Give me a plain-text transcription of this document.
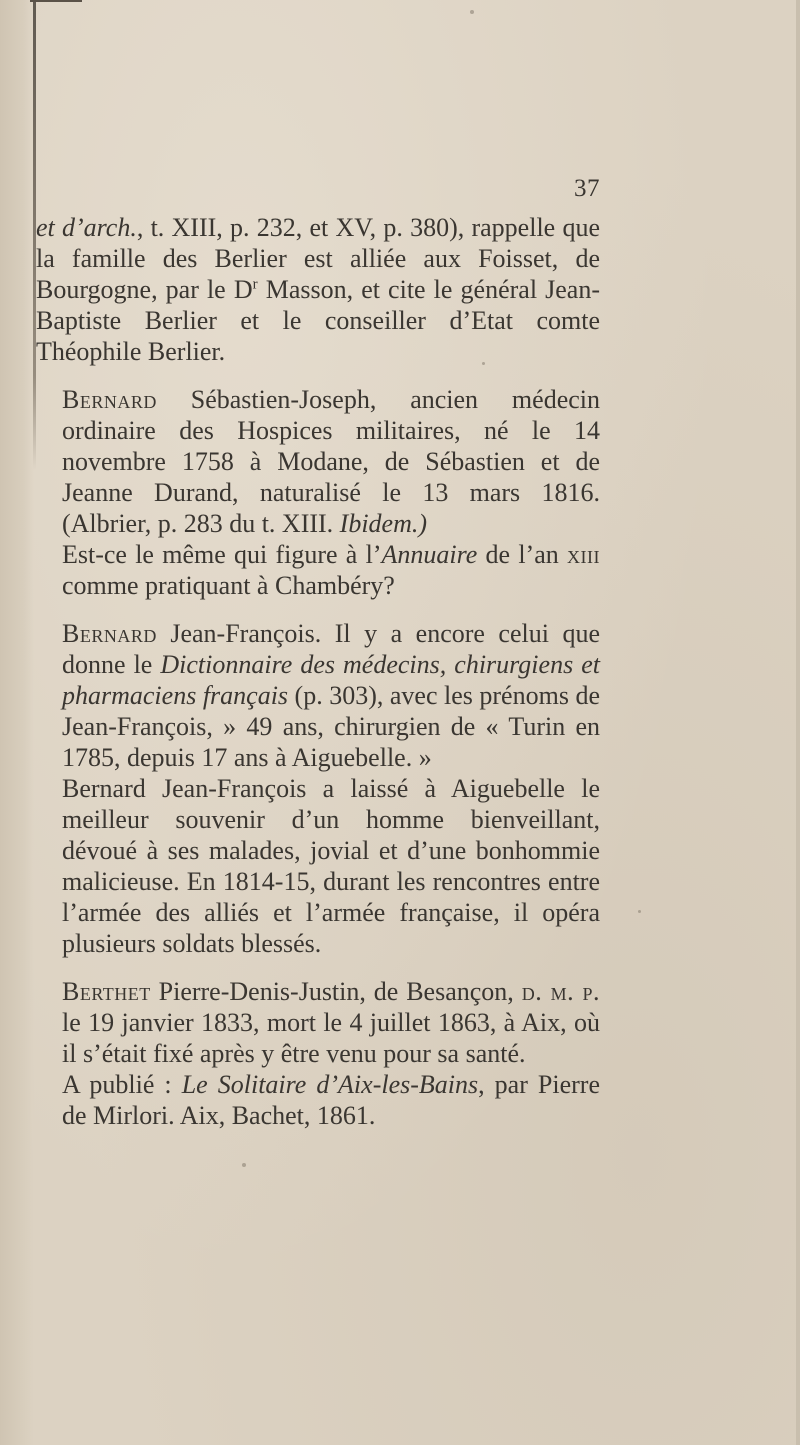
37

et d’arch., t. XIII, p. 232, et XV, p. 380), rappelle que la famille des Berlier est alliée aux Foisset, de Bourgogne, par le $D^r$ Masson, et cite le général Jean-Baptiste Berlier et le conseiller d’Etat comte Théophile Berlier.

Bernard Sébastien-Joseph, ancien médecin ordinaire des Hospices militaires, né le 14 novembre 1758 à Modane, de Sébastien et de Jeanne Durand, naturalisé le 13 mars 1816. (Albrier, p. 283 du t. XIII. Ibidem.)

Est-ce le même qui figure à l’Annuaire de l’an xiii comme pratiquant à Chambéry?

Bernard Jean-François. Il y a encore celui que donne le Dictionnaire des médecins, chirurgiens et pharmaciens français (p. 303), avec les prénoms de Jean-François, » 49 ans, chirurgien de « Turin en 1785, depuis 17 ans à Aiguebelle. »

Bernard Jean-François a laissé à Aiguebelle le meilleur souvenir d’un homme bienveillant, dévoué à ses malades, jovial et d’une bonhommie malicieuse. En 1814-15, durant les rencontres entre l’armée des alliés et l’armée française, il opéra plusieurs soldats blessés.

Berthet Pierre-Denis-Justin, de Besançon, d. m. p. le 19 janvier 1833, mort le 4 juillet 1863, à Aix, où il s’était fixé après y être venu pour sa santé.

A publié : Le Solitaire d’Aix-les-Bains, par Pierre de Mirlori. Aix, Bachet, 1861.
